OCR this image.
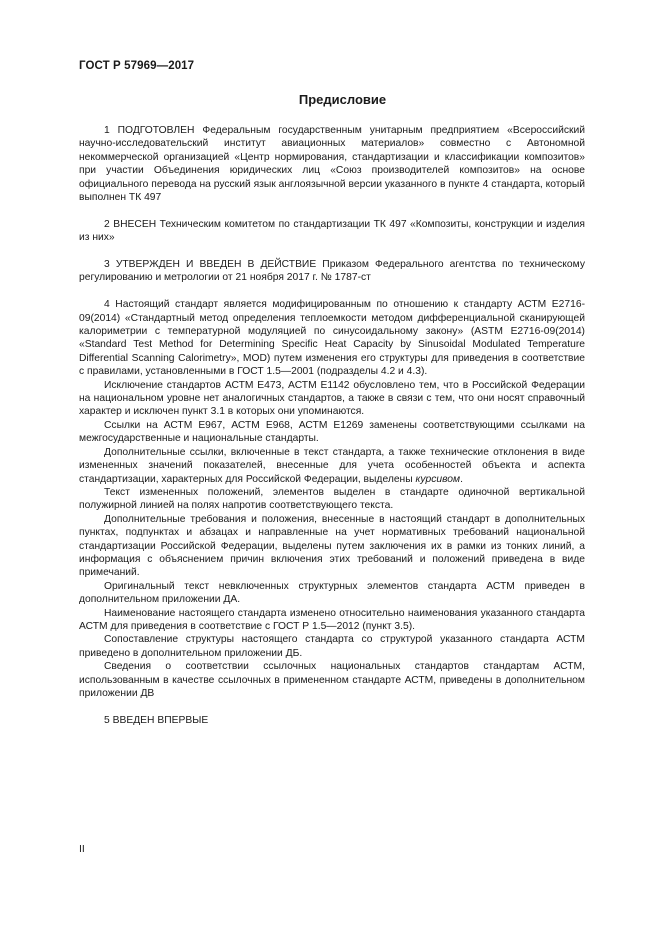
ГОСТ Р 57969—2017
Предисловие

1 ПОДГОТОВЛЕН Федеральным государственным унитарным предприятием «Всероссийский научно-исследовательский институт авиационных материалов» совместно с Автономной некоммерческой организацией «Центр нормирования, стандартизации и классификации композитов» при участии Объединения юридических лиц «Союз производителей композитов» на основе официального перевода на русский язык англоязычной версии указанного в пункте 4 стандарта, который выполнен ТК 497

2 ВНЕСЕН Техническим комитетом по стандартизации ТК 497 «Композиты, конструкции и изделия из них»

3 УТВЕРЖДЕН И ВВЕДЕН В ДЕЙСТВИЕ Приказом Федерального агентства по техническому регулированию и метрологии от 21 ноября 2017 г. № 1787-ст

4 Настоящий стандарт является модифицированным по отношению к стандарту АСТМ E2716-09(2014) «Стандартный метод определения теплоемкости методом дифференциальной сканирующей калориметрии с температурной модуляцией по синусоидальному закону» (ASTM E2716-09(2014) «Standard Test Method for Determining Specific Heat Capacity by Sinusoidal Modulated Temperature Differential Scanning Calorimetry», MOD) путем изменения его структуры для приведения в соответствие с правилами, установленными в ГОСТ 1.5—2001 (подразделы 4.2 и 4.3).

Исключение стандартов АСТМ E473, АСТМ E1142 обусловлено тем, что в Российской Федерации на национальном уровне нет аналогичных стандартов, а также в связи с тем, что они носят справочный характер и исключен пункт 3.1 в которых они упоминаются.

Ссылки на АСТМ E967, АСТМ E968, АСТМ E1269 заменены соответствующими ссылками на межгосударственные и национальные стандарты.

Дополнительные ссылки, включенные в текст стандарта, а также технические отклонения в виде измененных значений показателей, внесенные для учета особенностей объекта и аспекта стандартизации, характерных для Российской Федерации, выделены курсивом.

Текст измененных положений, элементов выделен в стандарте одиночной вертикальной полужирной линией на полях напротив соответствующего текста.

Дополнительные требования и положения, внесенные в настоящий стандарт в дополнительных пунктах, подпунктах и абзацах и направленные на учет нормативных требований национальной стандартизации Российской Федерации, выделены путем заключения их в рамки из тонких линий, а информация с объяснением причин включения этих требований и положений приведена в виде примечаний.

Оригинальный текст невключенных структурных элементов стандарта АСТМ приведен в дополнительном приложении ДА.

Наименование настоящего стандарта изменено относительно наименования указанного стандарта АСТМ для приведения в соответствие с ГОСТ Р 1.5—2012 (пункт 3.5).

Сопоставление структуры настоящего стандарта со структурой указанного стандарта АСТМ приведено в дополнительном приложении ДБ.

Сведения о соответствии ссылочных национальных стандартов стандартам АСТМ, использованным в качестве ссылочных в примененном стандарте АСТМ, приведены в дополнительном приложении ДВ

5 ВВЕДЕН ВПЕРВЫЕ

II
